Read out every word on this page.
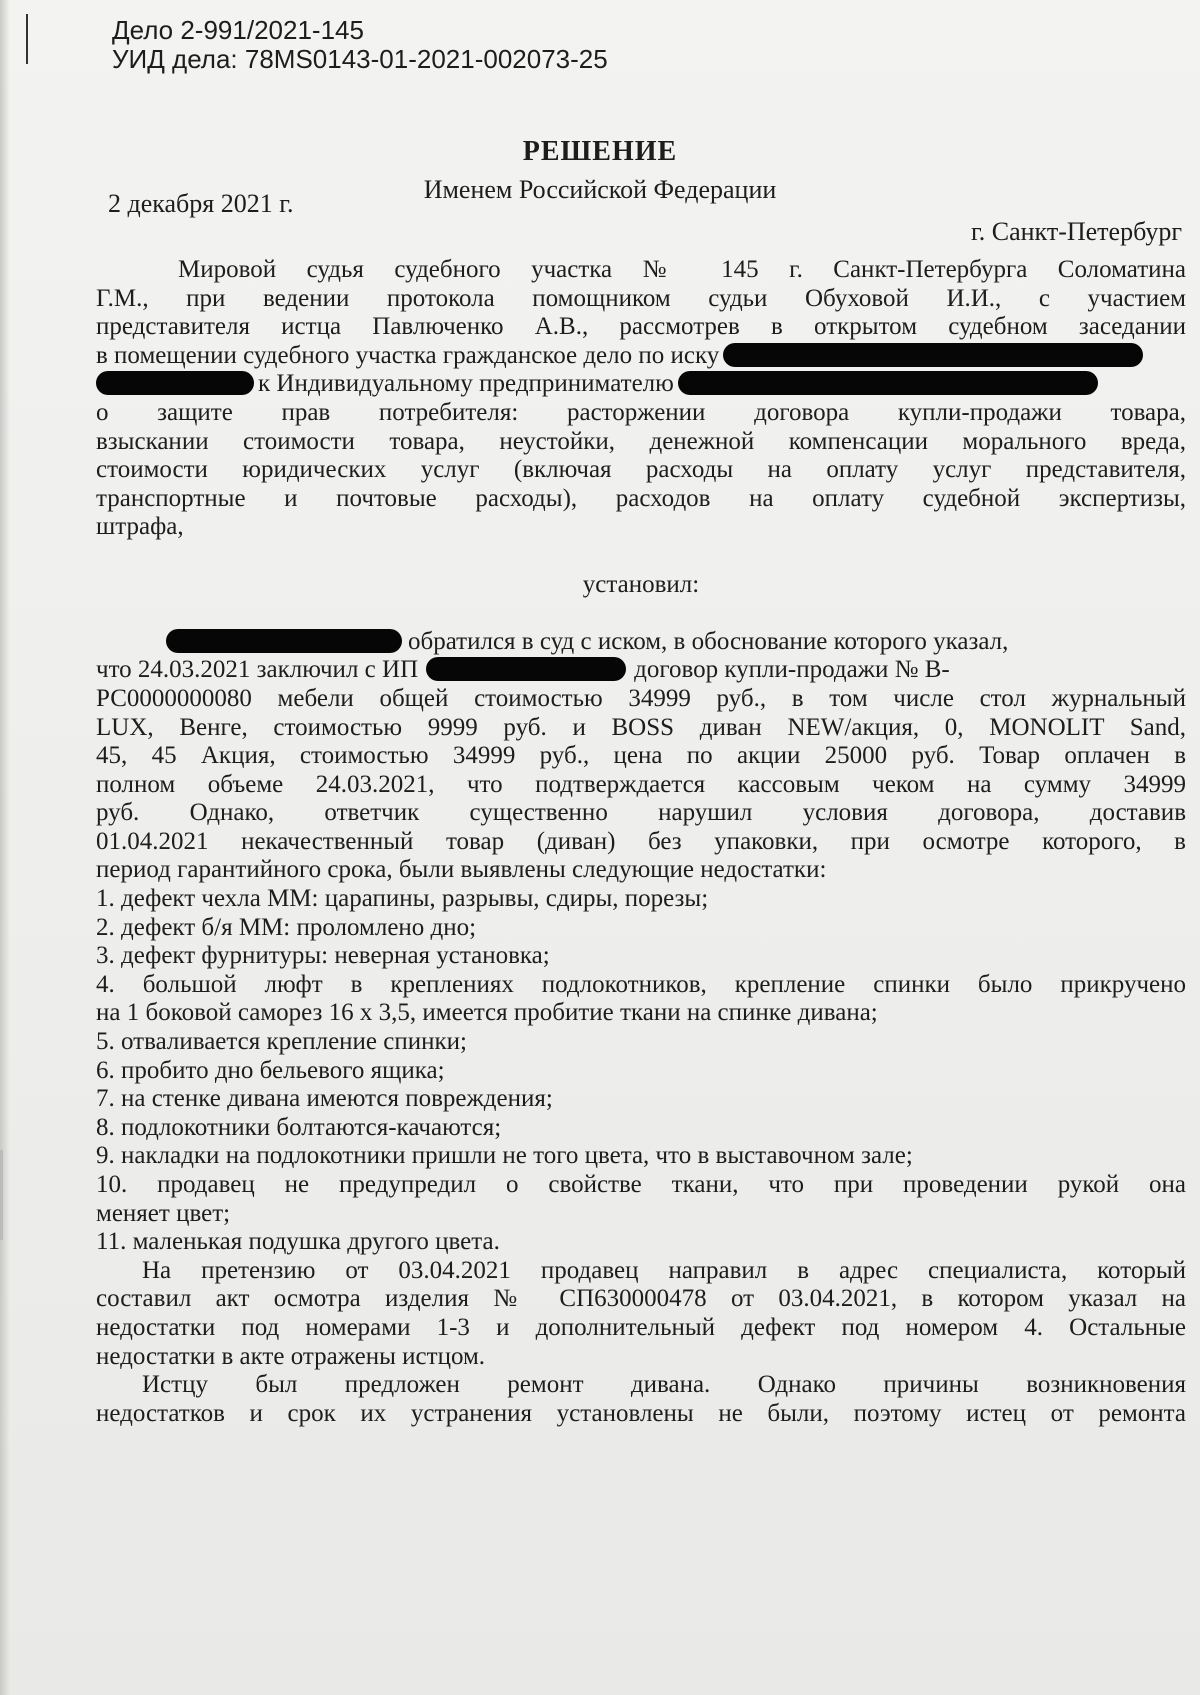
Дело 2-991/2021-145
УИД дела: 78MS0143-01-2021-002073-25
РЕШЕНИЕ
Именем Российской Федерации
2 декабря 2021 г.
г. Санкт-Петербург
Мировой судья судебного участка № 145 г. Санкт-Петербурга Соломатина
Г.М., при ведении протокола помощником судьи Обуховой И.И., с участием
представителя истца Павлюченко А.В., рассмотрев в открытом судебном заседании
в помещении судебного участка гражданское дело по иску
к Индивидуальному предпринимателю
о защите прав потребителя: расторжении договора купли-продажи товара,
взыскании стоимости товара, неустойки, денежной компенсации морального вреда,
стоимости юридических услуг (включая расходы на оплату услуг представителя,
транспортные и почтовые расходы), расходов на оплату судебной экспертизы,
штрафа,
установил:
обратился в суд с иском, в обоснование которого указал,
что 24.03.2021 заключил с ИП	договор купли-продажи № B-
РС0000000080 мебели общей стоимостью 34999 руб., в том числе стол журнальный
LUX, Венге, стоимостью 9999 руб. и BOSS диван NEW/акция, 0, MONOLIT Sand,
45, 45 Акция, стоимостью 34999 руб., цена по акции 25000 руб. Товар оплачен в
полном объеме 24.03.2021, что подтверждается кассовым чеком на сумму 34999
руб. Однако, ответчик существенно нарушил условия договора, доставив
01.04.2021 некачественный товар (диван) без упаковки, при осмотре которого, в
период гарантийного срока, были выявлены следующие недостатки:
1. дефект чехла ММ: царапины, разрывы, сдиры, порезы;
2. дефект б/я ММ: проломлено дно;
3. дефект фурнитуры: неверная установка;
4. большой люфт в креплениях подлокотников, крепление спинки было прикручено
на 1 боковой саморез 16 х 3,5, имеется пробитие ткани на спинке дивана;
5. отваливается крепление спинки;
6. пробито дно бельевого ящика;
7. на стенке дивана имеются повреждения;
8. подлокотники болтаются-качаются;
9. накладки на подлокотники пришли не того цвета, что в выставочном зале;
10. продавец не предупредил о свойстве ткани, что при проведении рукой она
меняет цвет;
11. маленькая подушка другого цвета.
На претензию от 03.04.2021 продавец направил в адрес специалиста, который
составил акт осмотра изделия № СП630000478 от 03.04.2021, в котором указал на
недостатки под номерами 1-3 и дополнительный дефект под номером 4. Остальные
недостатки в акте отражены истцом.
Истцу был предложен ремонт дивана. Однако причины возникновения
недостатков и срок их устранения установлены не были, поэтому истец от ремонта
